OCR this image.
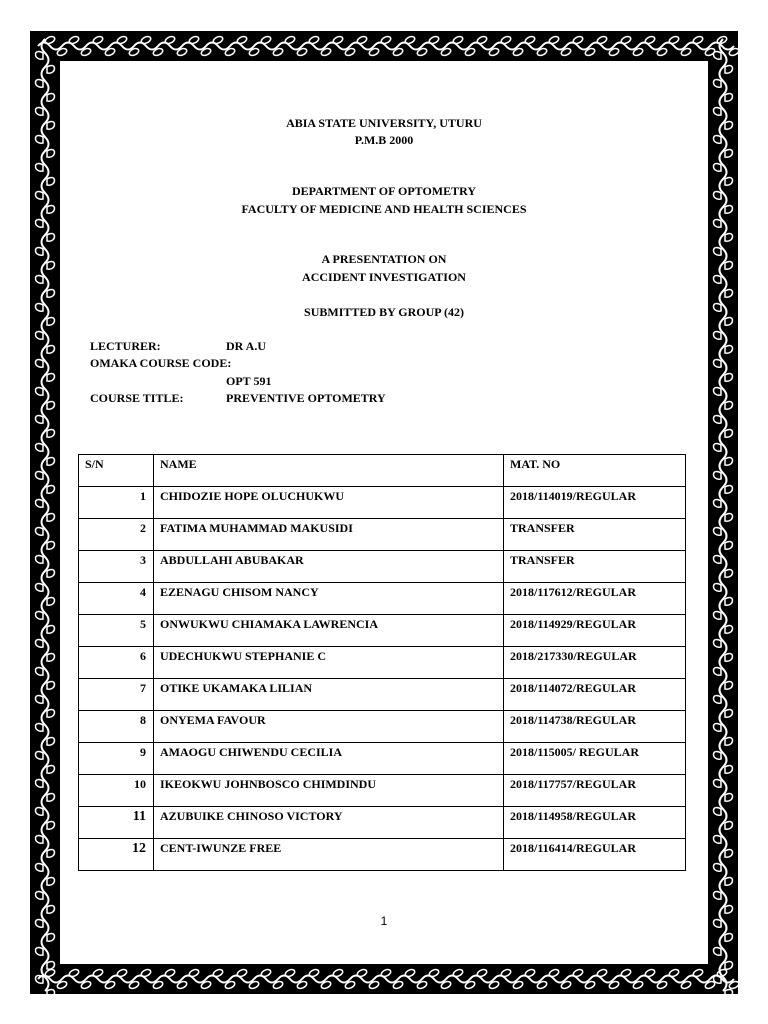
ABIA STATE UNIVERSITY, UTURU
P.M.B 2000
DEPARTMENT OF OPTOMETRY
FACULTY OF MEDICINE AND HEALTH SCIENCES
A PRESENTATION ON
ACCIDENT INVESTIGATION
SUBMITTED BY GROUP (42)
LECTURER:	DR A.U
OMAKA COURSE CODE:
OPT 591
COURSE TITLE:	PREVENTIVE OPTOMETRY
S/N	NAME	MAT. NO
1	CHIDOZIE HOPE OLUCHUKWU	2018/114019/REGULAR
2	FATIMA MUHAMMAD MAKUSIDI	TRANSFER
3	ABDULLAHI ABUBAKAR	TRANSFER
4	EZENAGU CHISOM NANCY	2018/117612/REGULAR
5	ONWUKWU CHIAMAKA LAWRENCIA	2018/114929/REGULAR
6	UDECHUKWU STEPHANIE C	2018/217330/REGULAR
7	OTIKE UKAMAKA LILIAN	2018/114072/REGULAR
8	ONYEMA FAVOUR	2018/114738/REGULAR
9	AMAOGU CHIWENDU CECILIA	2018/115005/ REGULAR
10	IKEOKWU JOHNBOSCO CHIMDINDU	2018/117757/REGULAR
11	AZUBUIKE CHINOSO VICTORY	2018/114958/REGULAR
12	CENT-IWUNZE FREE	2018/116414/REGULAR
1
